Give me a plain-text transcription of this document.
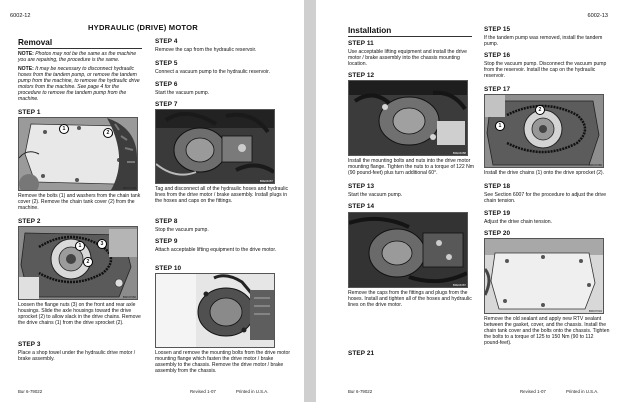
6002-12
HYDRAULIC (DRIVE) MOTOR
Removal
NOTE: Photos may not be the same as the machine you are repairing, the procedure is the same.
NOTE: It may be necessary to disconnect hydraulic hoses from the tandem pump, or remove the tandem pump from the machine, to remove the hydraulic drive motors from the machine. See page 4 for the procedure to remove the tandem pump from the machine.
STEP 1
1
2
B0K07148
Remove the bolts (1) and washers from the chain tank cover (2). Remove the chain tank cover (2) from the machine.
STEP 2
1
2
3
B0K07066
Loosen the flange nuts (3) on the front and rear axle housings. Slide the axle housings toward the drive sprocket (2) to allow slack in the drive chains. Remove the drive chains (1) from the drive sprocket (2).
STEP 3
Place a shop towel under the hydraulic drive motor / brake assembly.
STEP 4
Remove the cap from the hydraulic reservoir.
STEP 5
Connect a vacuum pump to the hydraulic reservoir.
STEP 6
Start the vacuum pump.
STEP 7
B0E04087
Tag and disconnect all of the hydraulic hoses and hydraulic lines from the drive motor / brake assembly. Install plugs in the hoses and caps on the fittings.
STEP 8
Stop the vacuum pump.
STEP 9
Attach acceptable lifting equipment to the drive motor.
STEP 10
Loosen and remove the mounting bolts from the drive motor mounting flange which fasten the drive motor / brake assembly to the chassis. Remove the drive motor / brake assembly from the chassis.
Bur 6-79022	Revised 1-07	Printed in U.S.A.
6002-13
Installation
STEP 11
Use acceptable lifting equipment and install the drive motor / brake assembly into the chassis mounting location.
STEP 12
B0E04088
Install the mounting bolts and nuts into the drive motor mounting flange. Tighten the nuts to a torque of 122 Nm (90 pound-feet) plus turn additional 60°.
STEP 13
Start the vacuum pump.
STEP 14
B0E04087
Remove the caps from the fittings and plugs from the hoses. Install and tighten all of the hoses and hydraulic lines on the drive motor.
STEP 21
STEP 15
If the tandem pump was removed, install the tandem pump.
STEP 16
Stop the vacuum pump. Disconnect the vacuum pump from the reservoir. Install the cap on the hydraulic reservoir.
STEP 17
1
2
B0K07089
Install the drive chains (1) onto the drive sprocket (2).
STEP 18
See Section 6007 for the procedure to adjust the drive chain tension.
STEP 19
Adjust the drive chain tension.
STEP 20
B0K07034
Remove the old sealant and apply new RTV sealant between the gasket, cover, and the chassis. Install the chain tank cover and the bolts onto the chassis. Tighten the bolts to a torque of 125 to 150 Nm (90 to 112 pound-feet).
Bur 6-79022	Revised 1-07	Printed in U.S.A.
